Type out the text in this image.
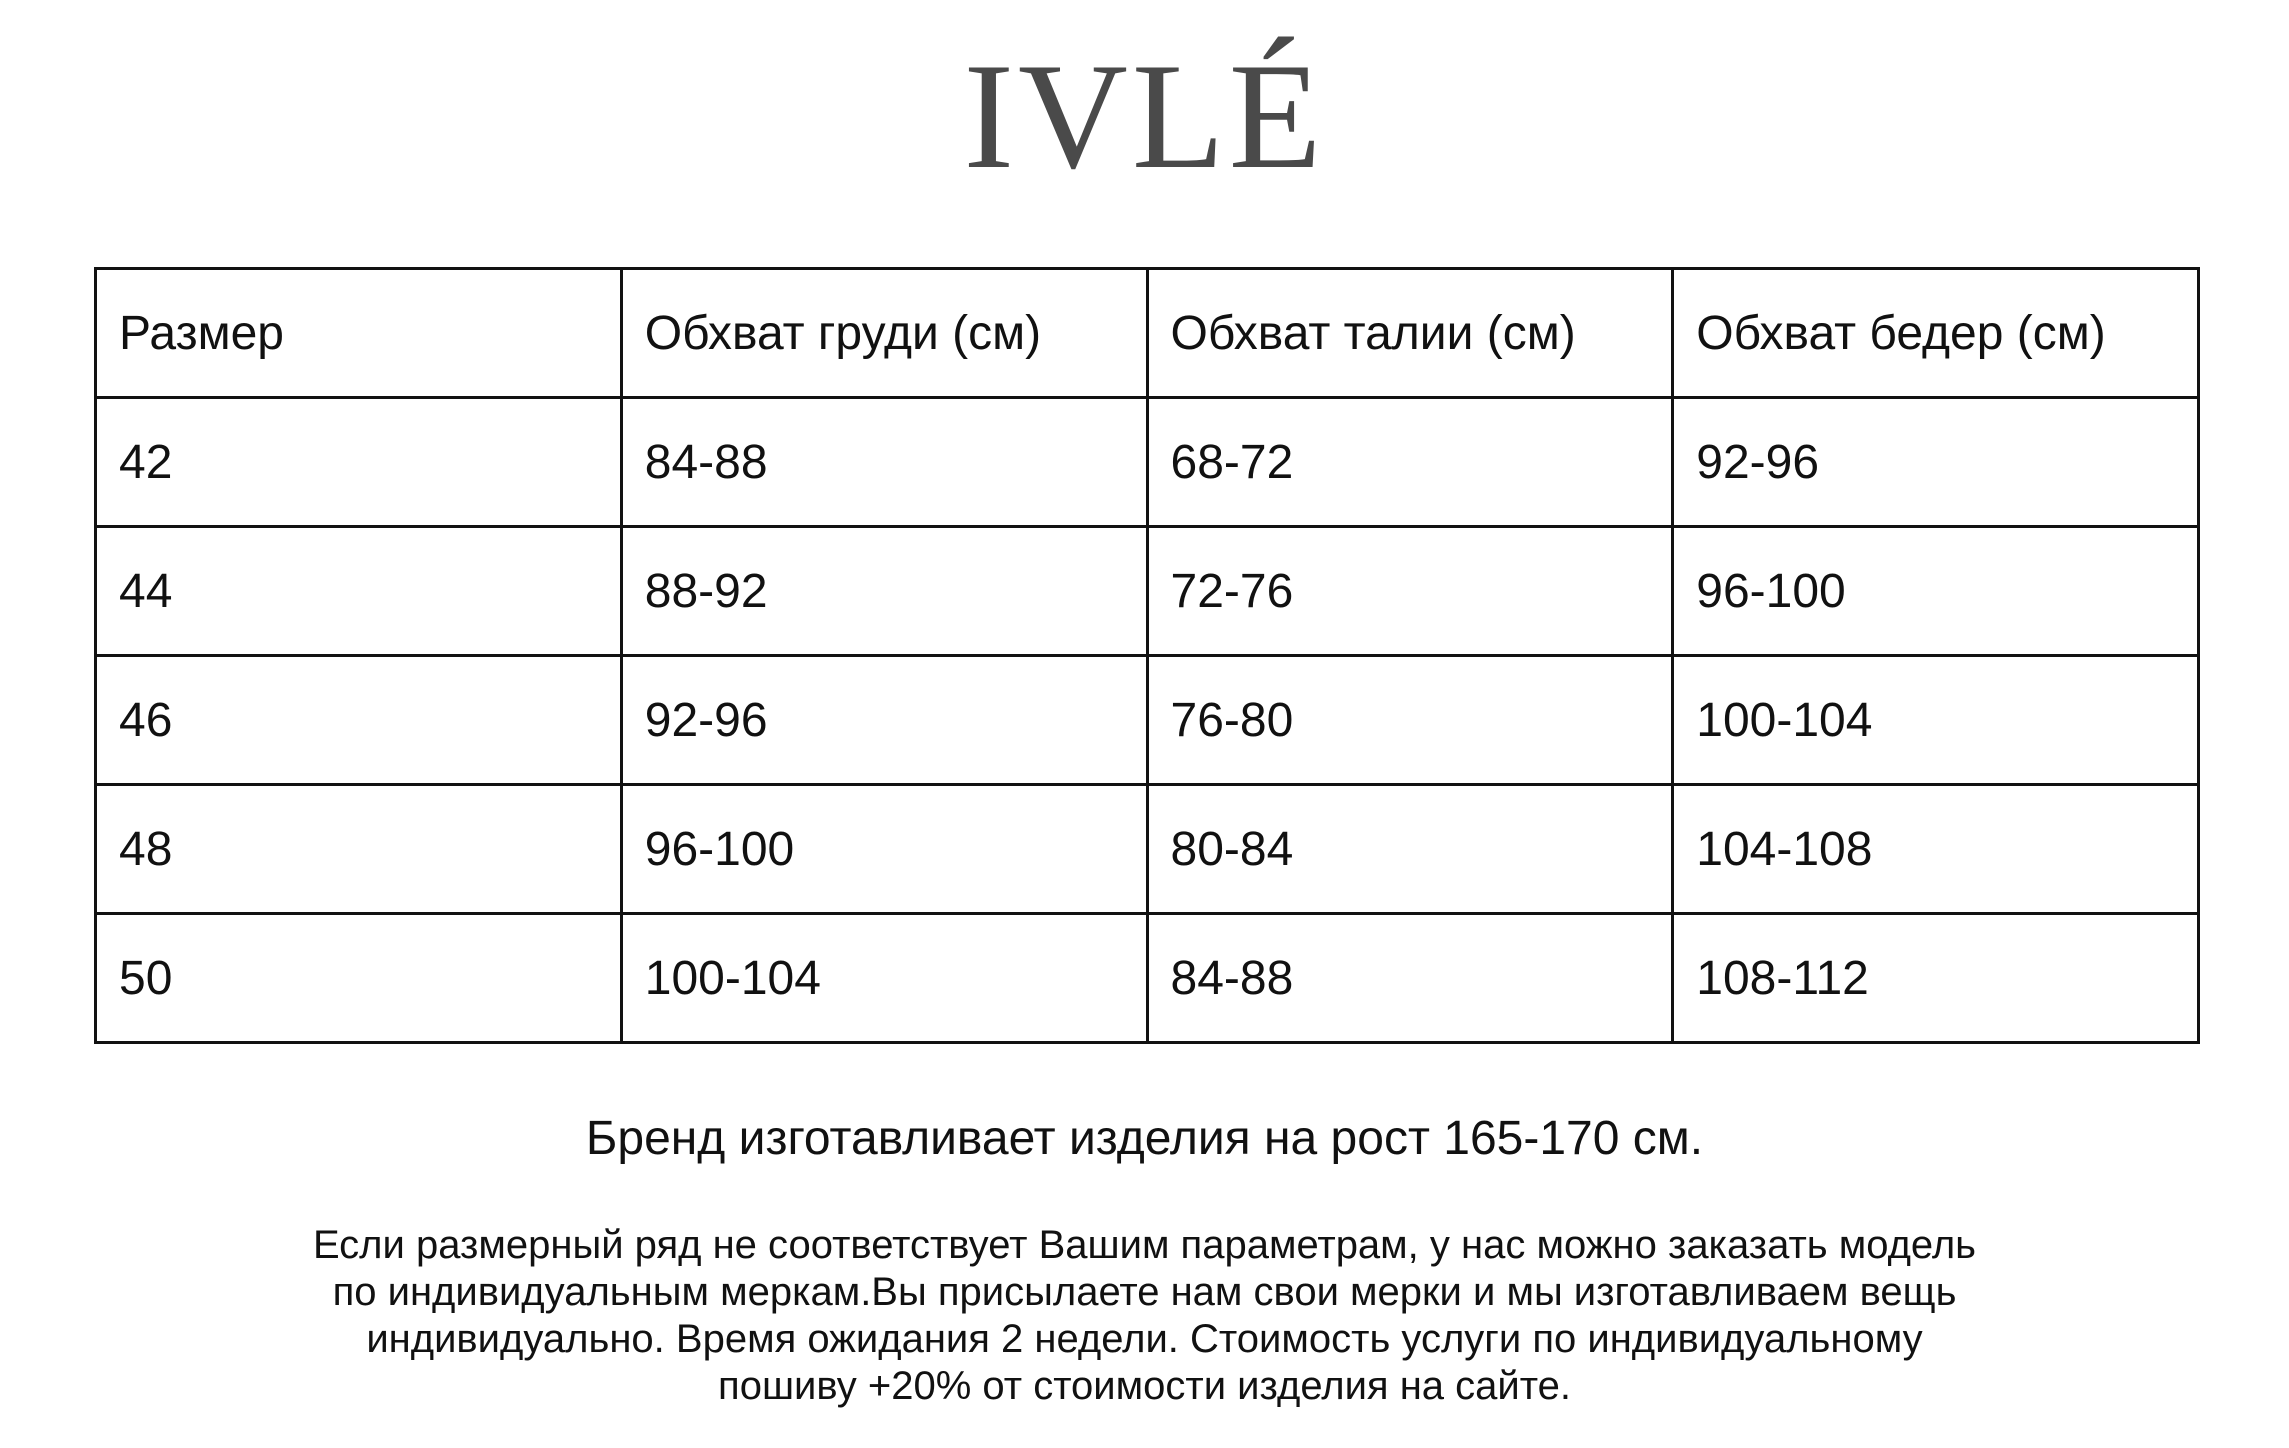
IVLÉ
Размер	Обхват груди (см)	Обхват талии (см)	Обхват бедер (см)
42	84-88	68-72	92-96
44	88-92	72-76	96-100
46	92-96	76-80	100-104
48	96-100	80-84	104-108
50	100-104	84-88	108-112
Бренд изготавливает изделия на рост 165-170 см.
Если размерный ряд не соответствует Вашим параметрам, у нас можно заказать модель
по индивидуальным меркам.Вы присылаете нам свои мерки и мы изготавливаем вещь
индивидуально. Время ожидания 2 недели. Стоимость услуги по индивидуальному
пошиву +20% от стоимости изделия на сайте.
